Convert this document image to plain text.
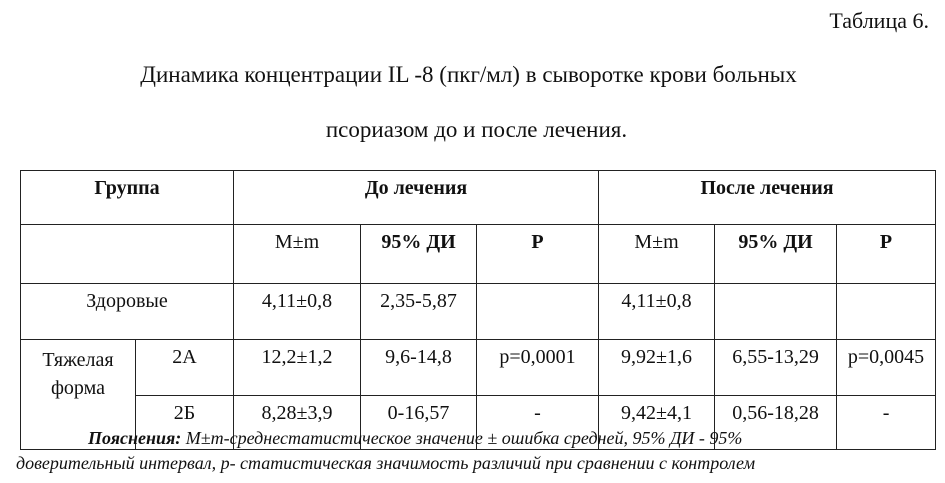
Таблица 6.
Динамика концентрации IL -8 (пкг/мл) в сыворотке крови больных
псориазом до и после лечения.
Группа		До лечения			После лечения		
		M±m	95% ДИ	P	M±m	95% ДИ	P
Здоровые		4,11±0,8	2,35-5,87		4,11±0,8		
Тяжелая форма	2А	12,2±1,2	9,6-14,8	p=0,0001	9,92±1,6	6,55-13,29	p=0,0045
	2Б	8,28±3,9	0-16,57	-	9,42±4,1	0,56-18,28	-
Пояснения: M±m-среднестатистическое значение ± ошибка средней, 95% ДИ - 95%
доверительный интервал, р- статистическая значимость различий при сравнении с контролем
